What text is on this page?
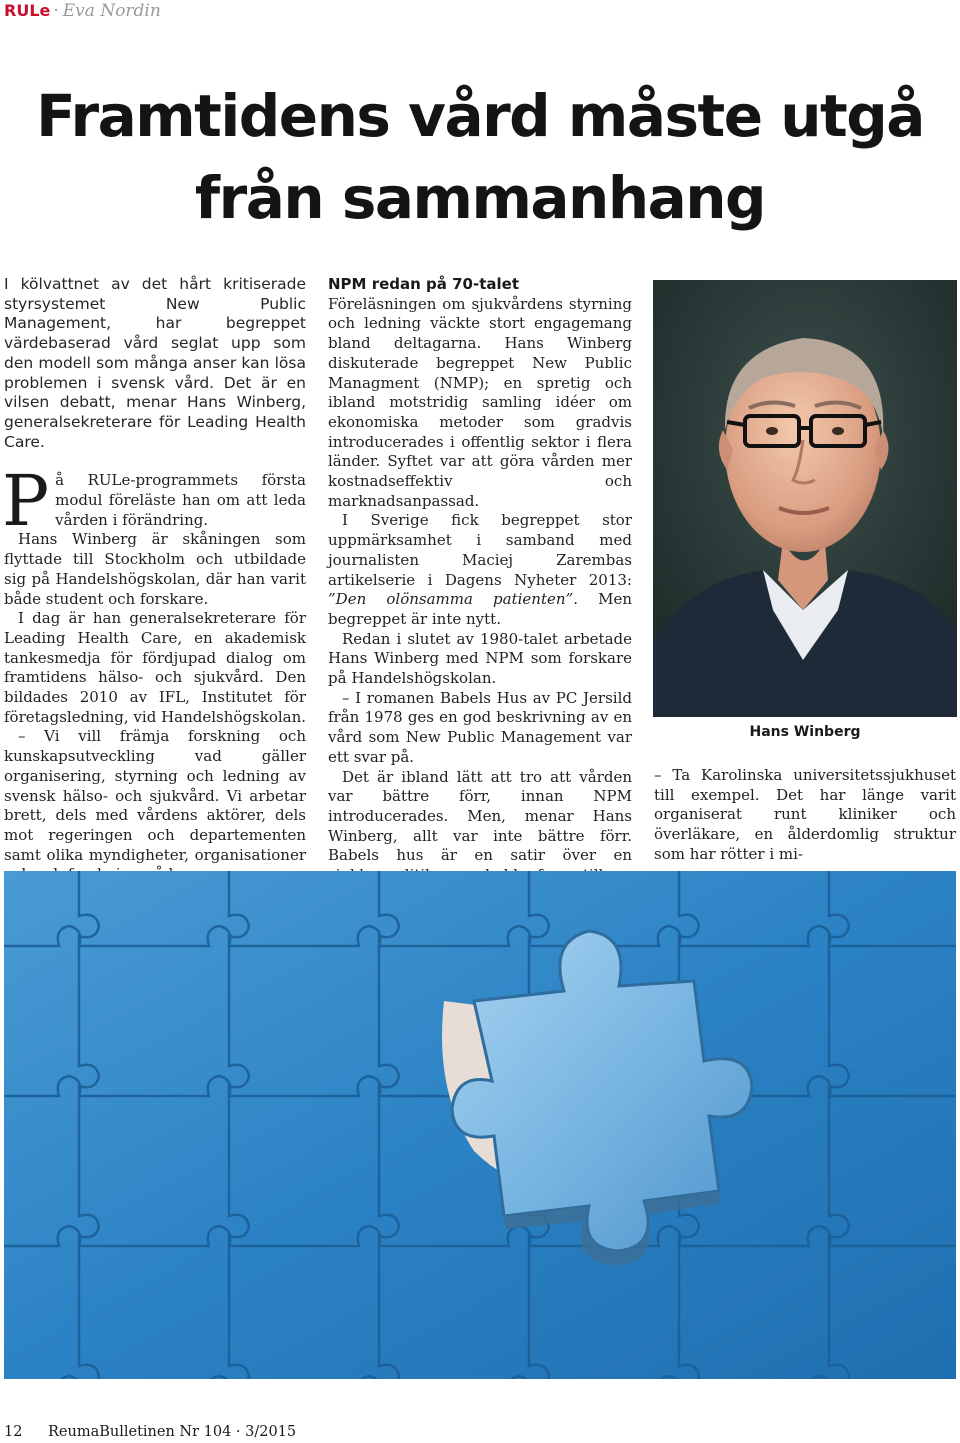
RULe · Eva Nordin
Framtidens vård måste utgå
från sammanhang

I kölvattnet av det hårt kritiserade styrsystemet New Public Management, har begreppet värdebaserad vård seglat upp som den modell som många anser kan lösa problemen i svensk vård. Det är en vilsen debatt, menar Hans Winberg, generalsekreterare för Leading Health Care.

På RULe-programmets första modul föreläste han om att leda vården i förändring.

Hans Winberg är skåningen som flyttade till Stockholm och utbildade sig på Handelshögskolan, där han varit både student och forskare.

I dag är han generalsekreterare för Leading Health Care, en akademisk tankesmedja för fördjupad dialog om framtidens hälso- och sjukvård. Den bildades 2010 av IFL, Institutet för företagsledning, vid Handelshögskolan.

– Vi vill främja forskning och kunskapsutveckling vad gäller organisering, styrning och ledning av svensk hälso- och sjukvård. Vi arbetar brett, dels med vårdens aktörer, dels mot regeringen och departementen samt olika myndigheter, organisationer

NPM redan på 70-talet

Föreläsningen om sjukvårdens styrning och ledning väckte stort engagemang bland deltagarna. Hans Winberg diskuterade begreppet New Public Managment (NMP); en spretig och ibland motstridig samling idéer om ekonomiska metoder som gradvis introducerades i offentlig sektor i flera länder. Syftet var att göra vården mer kostnadseffektiv och marknadsanpassad.

I Sverige fick begreppet stor uppmärksamhet i samband med journalisten Maciej Zarembas artikelserie i Dagens Nyheter 2013: ”Den olönsamma patienten”. Men begreppet är inte nytt.

Redan i slutet av 1980-talet arbetade Hans Winberg med NPM som forskare på Handelshögskolan.

– I romanen Babels Hus av PC Jersild från 1978 ges en god beskrivning av en vård som New Public Management var ett svar på.

Det är ibland lätt att tro att vården var bättre förr, innan NPM introducerades. Men, menar Hans Winberg, allt var inte bättre förr. Babels hus är en satir över en

Hans Winberg

– Ta Karolinska universitetssjukhuset till exempel. Det har länge varit organiserat runt kliniker och överläkare, en ålderdomlig struktur som har rötter i mi-

12 ReumaBulletinen Nr 104 · 3/2015
